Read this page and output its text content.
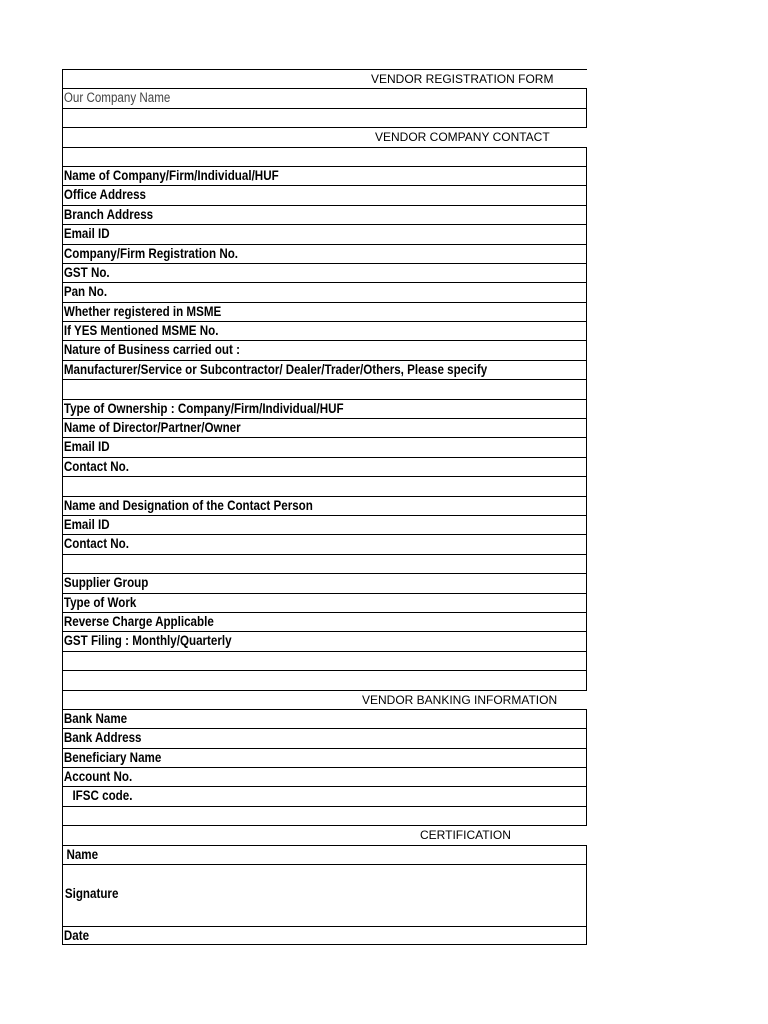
VENDOR REGISTRATION FORM
Our Company Name
VENDOR COMPANY CONTACT
Name of Company/Firm/Individual/HUF
Office Address
Branch Address
Email ID
Company/Firm Registration No.
GST No.
Pan No.
Whether registered in MSME
If YES Mentioned MSME No.
Nature of Business carried out :
Manufacturer/Service or Subcontractor/ Dealer/Trader/Others, Please specify
Type of Ownership : Company/Firm/Individual/HUF
Name of Director/Partner/Owner
Email ID
Contact No.
Name and Designation of the Contact Person
Email ID
Contact No.
Supplier Group
Type of Work
Reverse Charge Applicable
GST Filing : Monthly/Quarterly
VENDOR BANKING INFORMATION
Bank Name
Bank Address
Beneficiary Name
Account No.
IFSC code.
CERTIFICATION
Name
Signature
Date
